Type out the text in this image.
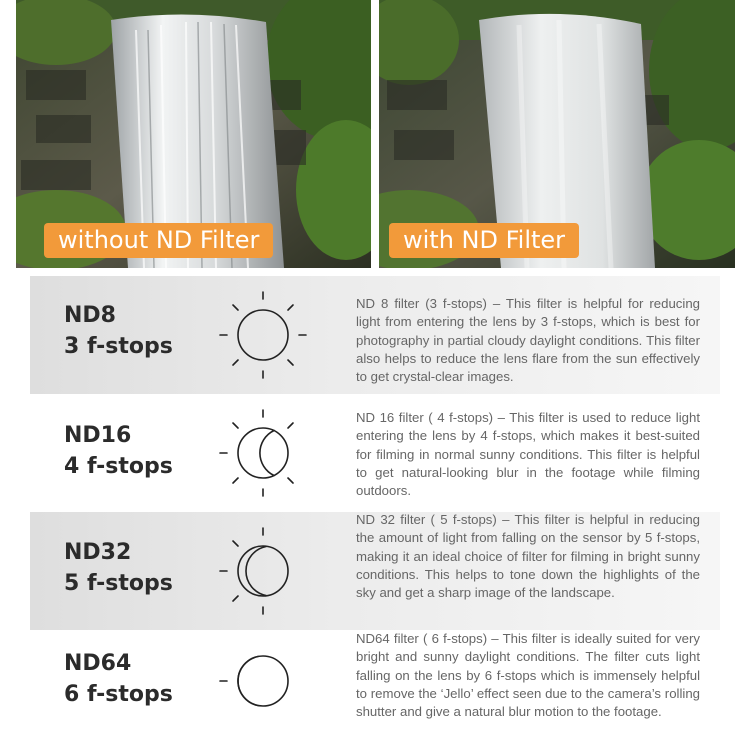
without ND Filter	with ND Filter
ND8
3 f-stops
ND 8 filter (3 f-stops) – This filter is helpful for reducing light from entering the lens by 3 f-stops, which is best for photography in partial cloudy daylight conditions. This filter also helps to reduce the lens flare from the sun effectively to get crystal-clear images.
ND16
4 f-stops
ND 16 filter ( 4 f-stops) – This filter is used to reduce light entering the lens by 4 f-stops, which makes it best-suited for filming in normal sunny conditions. This filter is helpful to get natural-looking blur in the footage while filming outdoors.
ND32
5 f-stops
ND 32 filter ( 5 f-stops) – This filter is helpful in reducing the amount of light from falling on the sensor by 5 f-stops, making it an ideal choice of filter for filming in bright sunny conditions. This helps to tone down the highlights of the sky and get a sharp image of the landscape.
ND64
6 f-stops
ND64 filter ( 6 f-stops) – This filter is ideally suited for very bright and sunny daylight conditions. The filter cuts light falling on the lens by 6 f-stops which is immensely helpful to remove the ‘Jello’ effect seen due to the camera’s rolling shutter and give a natural blur motion to the footage.
